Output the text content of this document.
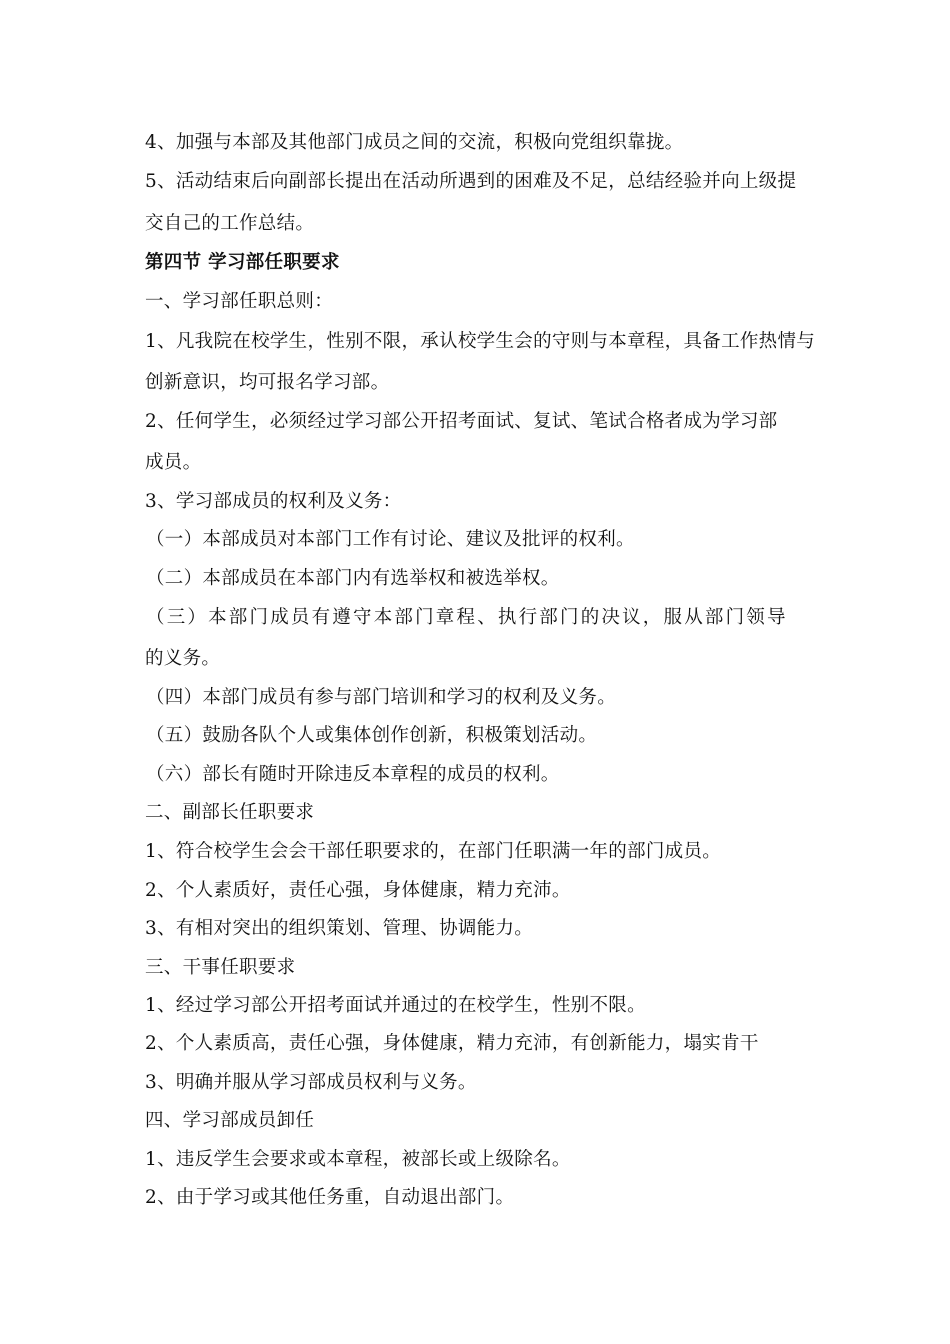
4、加强与本部及其他部门成员之间的交流，积极向党组织靠拢。
5、活动结束后向副部长提出在活动所遇到的困难及不足，总结经验并向上级提
交自己的工作总结。
第四节 学习部任职要求
一、学习部任职总则：
1、凡我院在校学生，性别不限，承认校学生会的守则与本章程，具备工作热情与
创新意识，均可报名学习部。
2、任何学生，必须经过学习部公开招考面试、复试、笔试合格者成为学习部
成员。
3、学习部成员的权利及义务：
（一）本部成员对本部门工作有讨论、建议及批评的权利。
（二）本部成员在本部门内有选举权和被选举权。
（三）本部门成员有遵守本部门章程、执行部门的决议，服从部门领导
的义务。
（四）本部门成员有参与部门培训和学习的权利及义务。
（五）鼓励各队个人或集体创作创新，积极策划活动。
（六）部长有随时开除违反本章程的成员的权利。
二、副部长任职要求
1、符合校学生会会干部任职要求的，在部门任职满一年的部门成员。
2、个人素质好，责任心强，身体健康，精力充沛。
3、有相对突出的组织策划、管理、协调能力。
三、干事任职要求
1、经过学习部公开招考面试并通过的在校学生，性别不限。
2、个人素质高，责任心强，身体健康，精力充沛，有创新能力，塌实肯干
3、明确并服从学习部成员权利与义务。
四、学习部成员卸任
1、违反学生会要求或本章程，被部长或上级除名。
2、由于学习或其他任务重，自动退出部门。
